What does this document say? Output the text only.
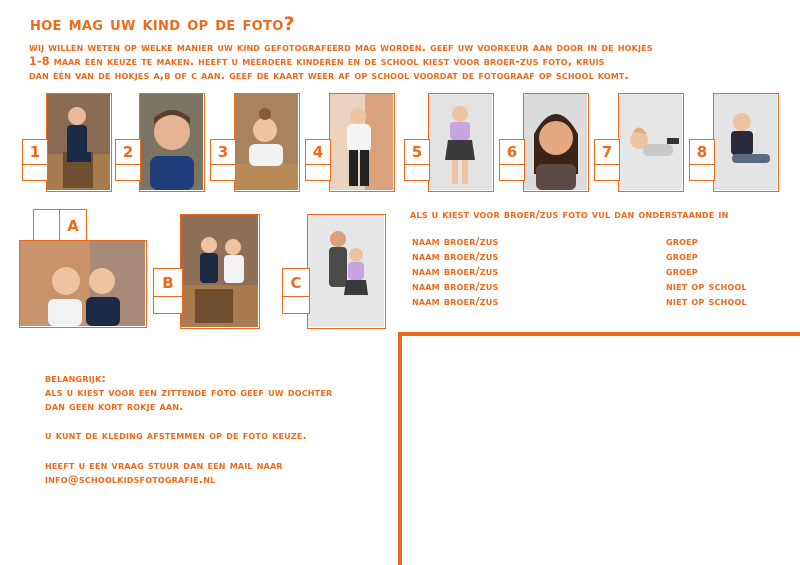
hoe mag uw kind op de foto?
wij willen weten op welke manier uw kind gefotografeerd mag worden. geef uw voorkeur aan door in de hokjes
1-8 maar één keuze te maken. heeft u meerdere kinderen en de school kiest voor broer-zus foto, kruis
dan één van de hokjes a,b of c aan. geef de kaart weer af op school voordat de fotograaf op school komt.
1	2	3	4	5	6	7	8
A
B	C
als u kiest voor broer/zus foto vul dan onderstaande in
naam broer/zus	groep
naam broer/zus	groep
naam broer/zus	groep
naam broer/zus	niet op school
naam broer/zus	niet op school
belangrijk:
als u kiest voor een zittende foto geef uw dochter
dan geen kort rokje aan.
u kunt de kleding afstemmen op de foto keuze.
heeft u een vraag stuur dan een mail naar
info@schoolkidsfotografie.nl
